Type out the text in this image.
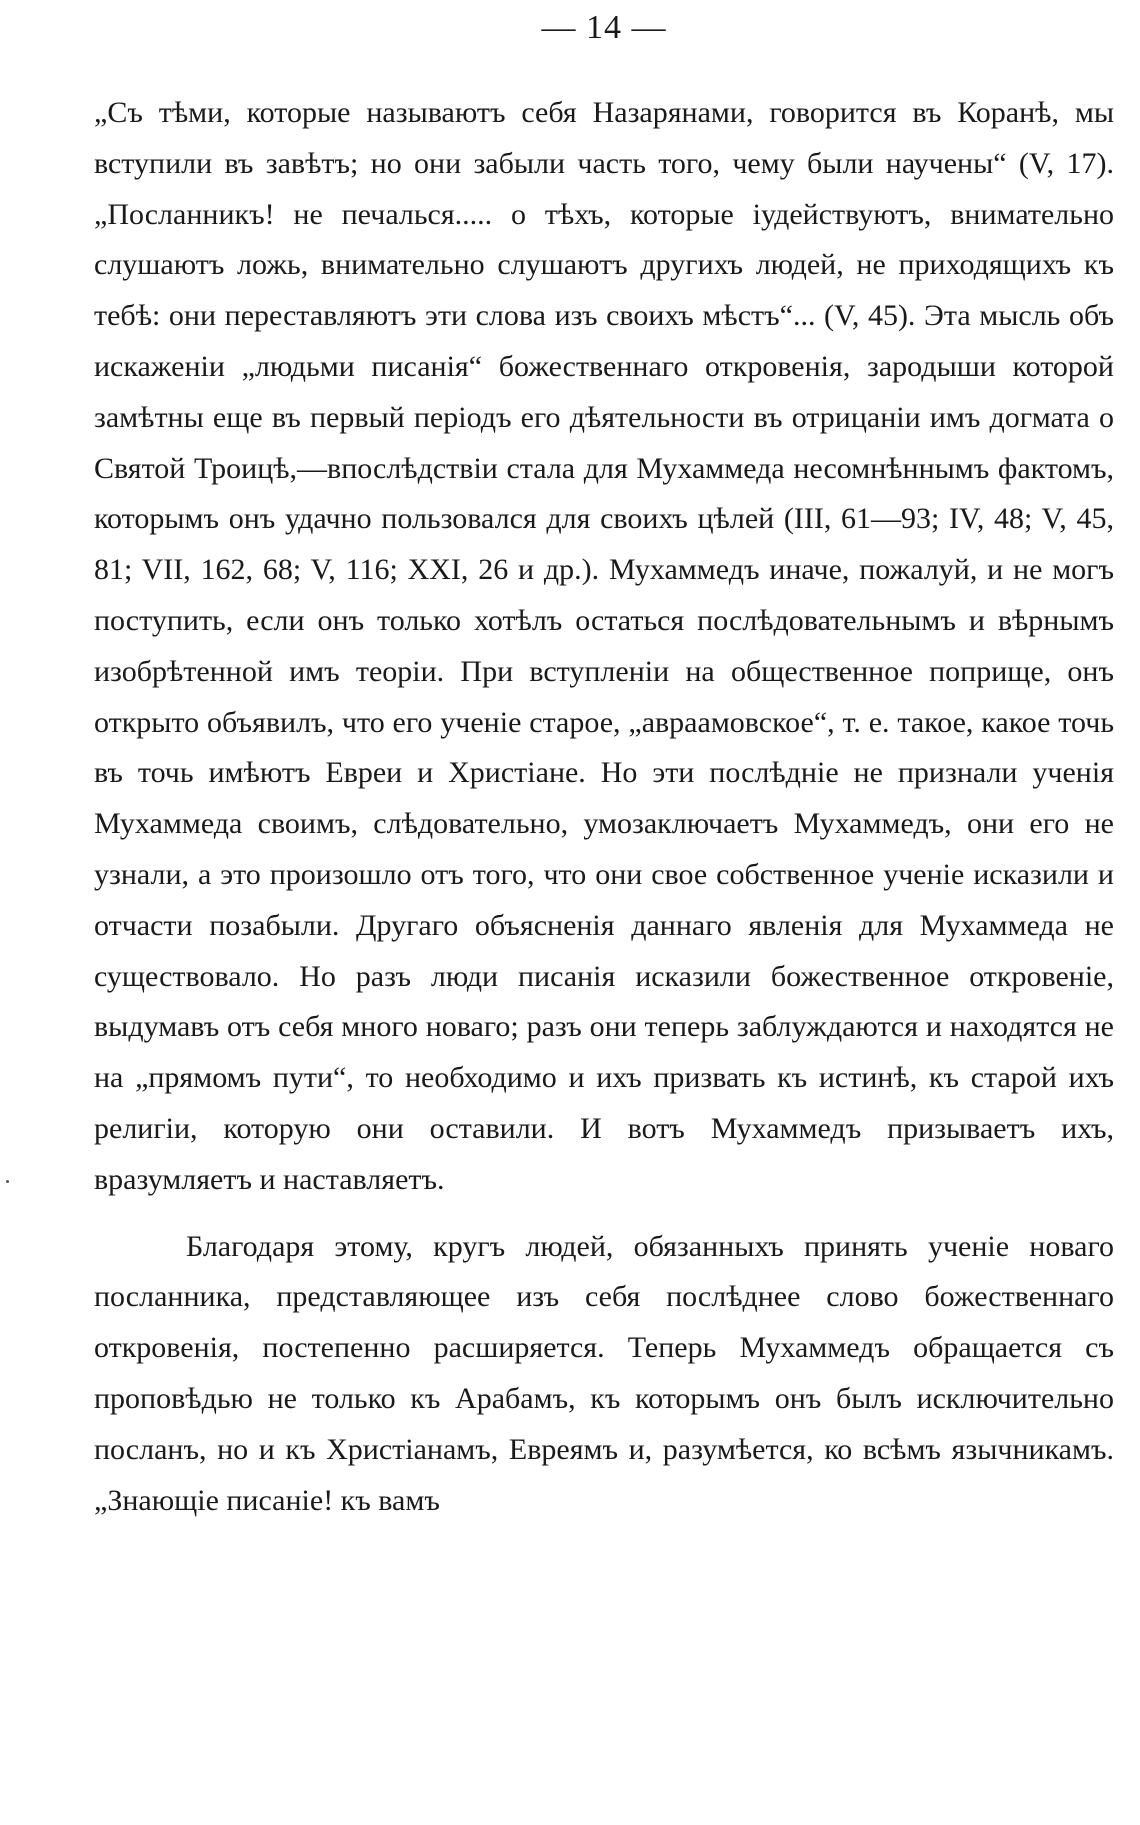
— 14 —

„Съ тѣми, которые называютъ себя Назарянами, говорится въ Коранѣ, мы вступили въ завѣтъ; но они забыли часть того, чему были научены“ (V, 17). „Посланникъ! не печалься..... о тѣхъ, которые іудействуютъ, внимательно слушаютъ ложь, внимательно слушаютъ другихъ людей, не приходящихъ къ тебѣ: они переставляютъ эти слова изъ своихъ мѣстъ“... (V, 45). Эта мысль объ искаженіи „людьми писанія“ божественнаго откровенія, зародыши которой замѣтны еще въ первый періодъ его дѣятельности въ отрицаніи имъ догмата о Святой Троицѣ,—впослѣдствіи стала для Мухаммеда несомнѣннымъ фактомъ, которымъ онъ удачно пользовался для своихъ цѣлей (III, 61—93; IV, 48; V, 45, 81; VII, 162, 68; V, 116; XXI, 26 и др.). Мухаммедъ иначе, пожалуй, и не могъ поступить, если онъ только хотѣлъ остаться послѣдовательнымъ и вѣрнымъ изобрѣтенной имъ теоріи. При вступленіи на общественное поприще, онъ открыто объявилъ, что его ученіе старое, „авраамовское“, т. е. такое, какое точь въ точь имѣютъ Евреи и Христіане. Но эти послѣдніе не признали ученія Мухаммеда своимъ, слѣдовательно, умозаключаетъ Мухаммедъ, они его не узнали, а это произошло отъ того, что они свое собственное ученіе исказили и отчасти позабыли. Другаго объясненія даннаго явленія для Мухаммеда не существовало. Но разъ люди писанія исказили божественное откровеніе, выдумавъ отъ себя много новаго; разъ они теперь заблуждаются и находятся не на „прямомъ пути“, то необходимо и ихъ призвать къ истинѣ, къ старой ихъ религіи, которую они оставили. И вотъ Мухаммедъ призываетъ ихъ, вразумляетъ и наставляетъ.

Благодаря этому, кругъ людей, обязанныхъ принять ученіе новаго посланника, представляющее изъ себя послѣднее слово божественнаго откровенія, постепенно расширяется. Теперь Мухаммедъ обращается съ проповѣдью не только къ Арабамъ, къ которымъ онъ былъ исключительно посланъ, но и къ Христіанамъ, Евреямъ и, разумѣется, ко всѣмъ язычникамъ. „Знающіе писаніе! къ вамъ
